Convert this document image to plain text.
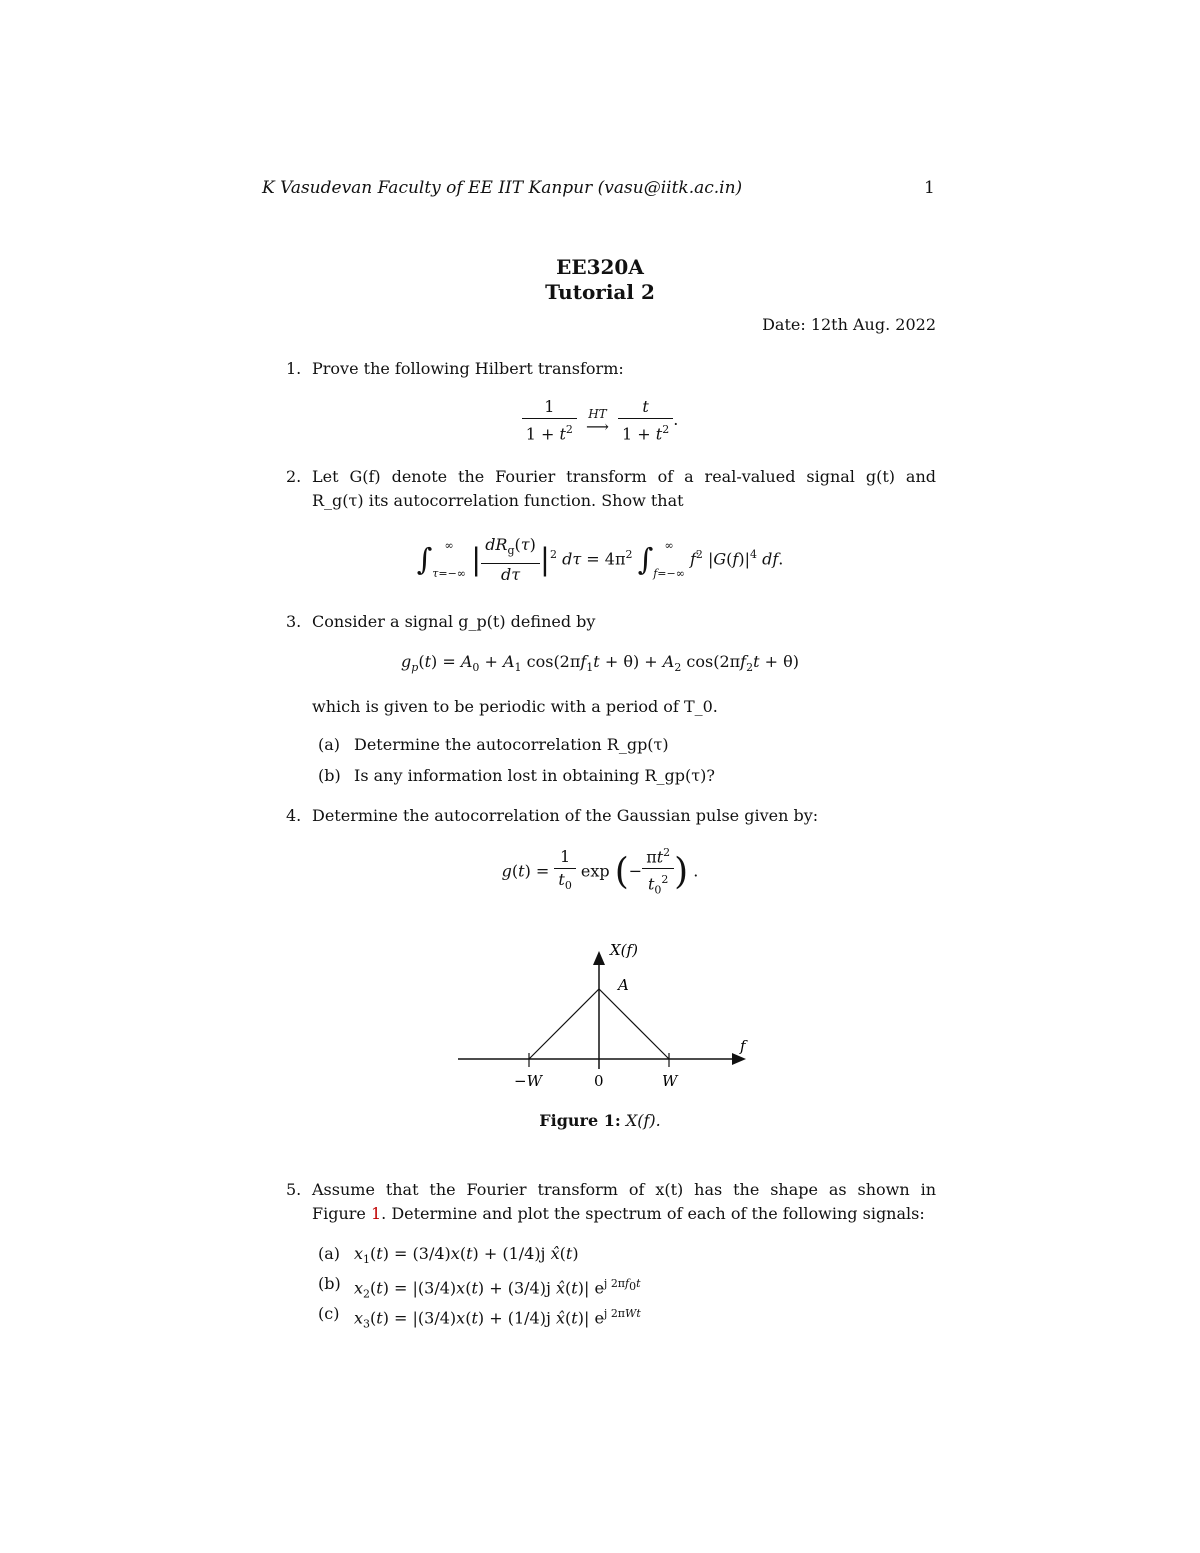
K Vasudevan Faculty of EE IIT Kanpur (vasu@iitk.ac.in)	1
EE320A
Tutorial 2
Date: 12th Aug. 2022
1. Prove the following Hilbert transform:
$\frac{1}{1 + t^2}$
HT
⟶
$\frac{t}{1 + t^2}$ .
2. Let G(f) denote the Fourier transform of a real-valued signal g(t) and
R_g(τ) its autocorrelation function. Show that
∫	∞
τ=−∞ | $\frac{dR_g(\tau)}{d\tau} |^2$ $d\tau = 4\pi^2$ ∫	∞
f=−∞
$f^2$ $|G(f)|^4$ df.
3. Consider a signal g_p(t) defined by
$g_p(t) = A_0 + A_1$ $\cos(2\pi f_1t + \theta) + A_2$ $\cos(2\pi f_2t + \theta)$
which is given to be periodic with a period of T_0.
(a) Determine the autocorrelation R_gp(τ)
(b) Is any information lost in obtaining R_gp(τ)?
4. Determine the autocorrelation of the Gaussian pulse given by:
$g(t) = \frac{1}{t_0}$ exp (− $\frac{\pi t^2}{t_0^2}$ ) .
X(f)
A
f
−W	0	W
Figure 1: X(f).
5. Assume that the Fourier transform of x(t) has the shape as shown in
Figure 1. Determine and plot the spectrum of each of the following signals:
(a) $x_1(t) = (3/4)x(t) + (1/4)j$ x̂(t)
(b) $x_2(t) = |(3/4)x(t) + (3/4)j$ x̂(t)| $e^{j 2\pi f_0t}$
(c) $x_3(t) = |(3/4)x(t) + (1/4)j$ x̂(t)| $e^{j 2\pi Wt}$
